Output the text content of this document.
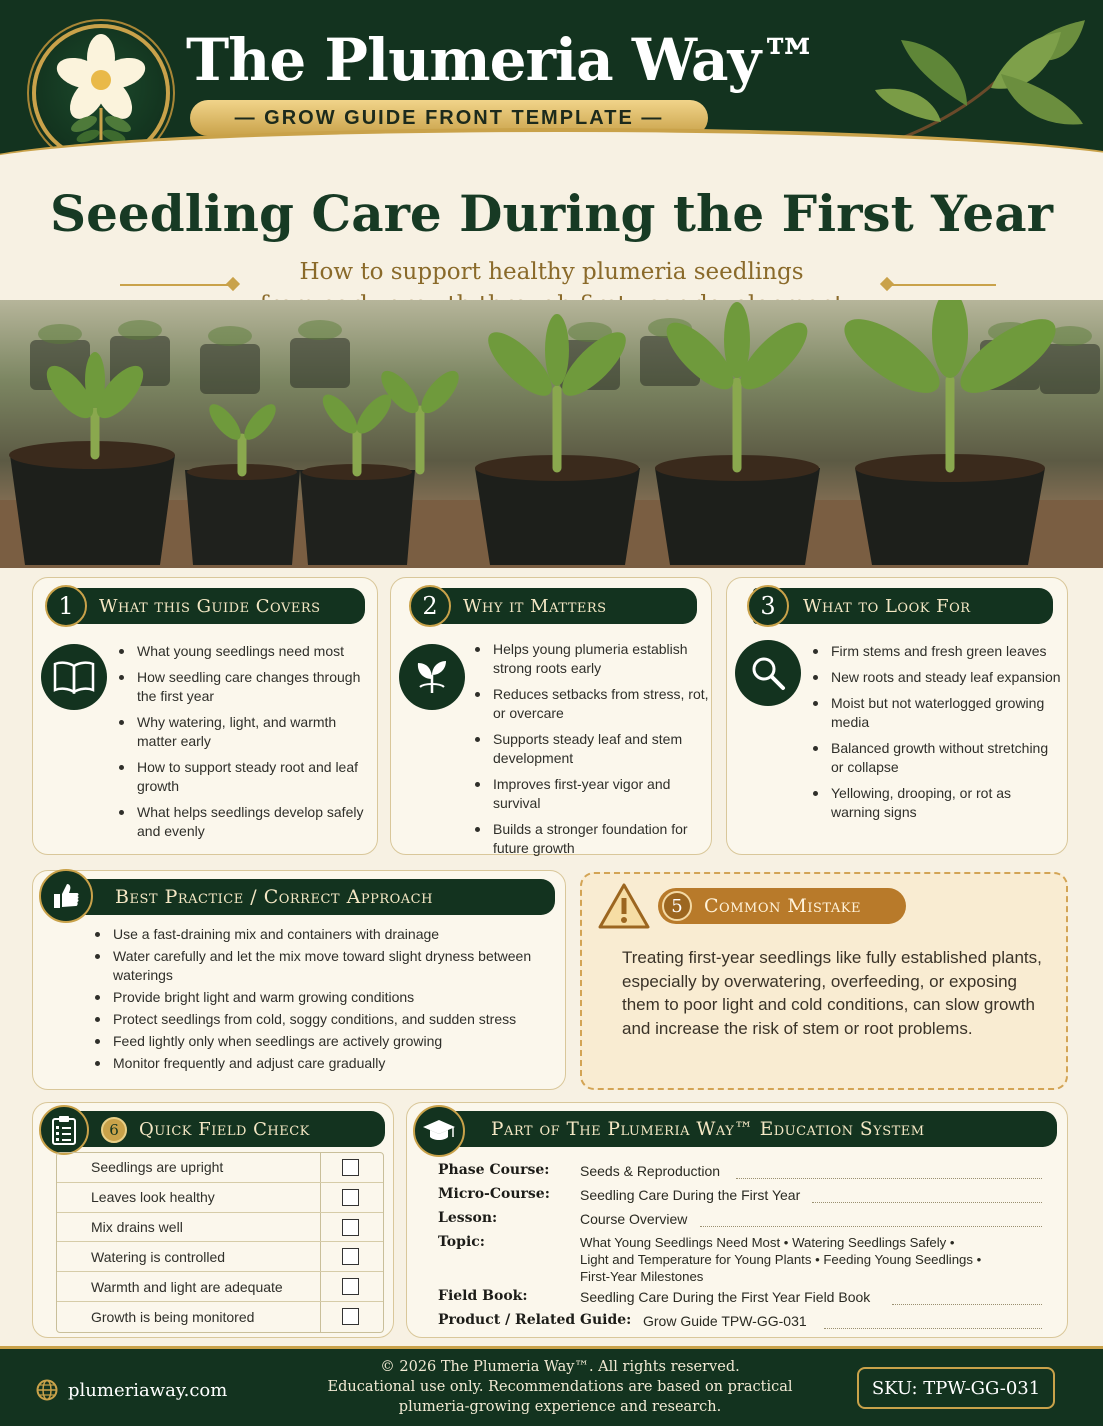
The Plumeria Way™
— GROW GUIDE FRONT TEMPLATE —
Seedling Care During the First Year
How to support healthy plumeria seedlings
What this Guide Covers
1
What young seedlings need most
How seedling care changes through the first year
Why watering, light, and warmth matter early
How to support steady root and leaf growth
What helps seedlings develop safely and evenly
Why it Matters
2
Helps young plumeria establish strong roots early
Reduces setbacks from stress, rot, or overcare
Supports steady leaf and stem development
Improves first-year vigor and survival
Builds a stronger foundation for future growth
What to Look For
3
Firm stems and fresh green leaves
New roots and steady leaf expansion
Moist but not waterlogged growing media
Balanced growth without stretching or collapse
Yellowing, drooping, or rot as warning signs
Best Practice / Correct Approach
Use a fast-draining mix and containers with drainage
Water carefully and let the mix move toward slight dryness between waterings
Provide bright light and warm growing conditions
Protect seedlings from cold, soggy conditions, and sudden stress
Feed lightly only when seedlings are actively growing
Monitor frequently and adjust care gradually
Common Mistake
5
Treating first-year seedlings like fully established plants, especially by overwatering, overfeeding, or exposing them to poor light and cold conditions, can slow growth and increase the risk of stem or root problems.
Quick Field Check
6
Seedlings are upright
Leaves look healthy
Mix drains well
Watering is controlled
Warmth and light are adequate
Growth is being monitored
Part of The Plumeria Way™ Education System
Phase Course: Seeds & Reproduction
Micro-Course: Seedling Care During the First Year
Lesson:	Course Overview
Topic:	What Young Seedlings Need Most • Watering Seedlings Safely •
Light and Temperature for Young Plants • Feeding Young Seedlings •
First-Year Milestones
Field Book:	Seedling Care During the First Year Field Book
Product / Related Guide: Grow Guide TPW-GG-031
plumeriaway.com
© 2026 The Plumeria Way™. All rights reserved.
Educational use only. Recommendations are based on practical
plumeria-growing experience and research.
SKU: TPW-GG-031
